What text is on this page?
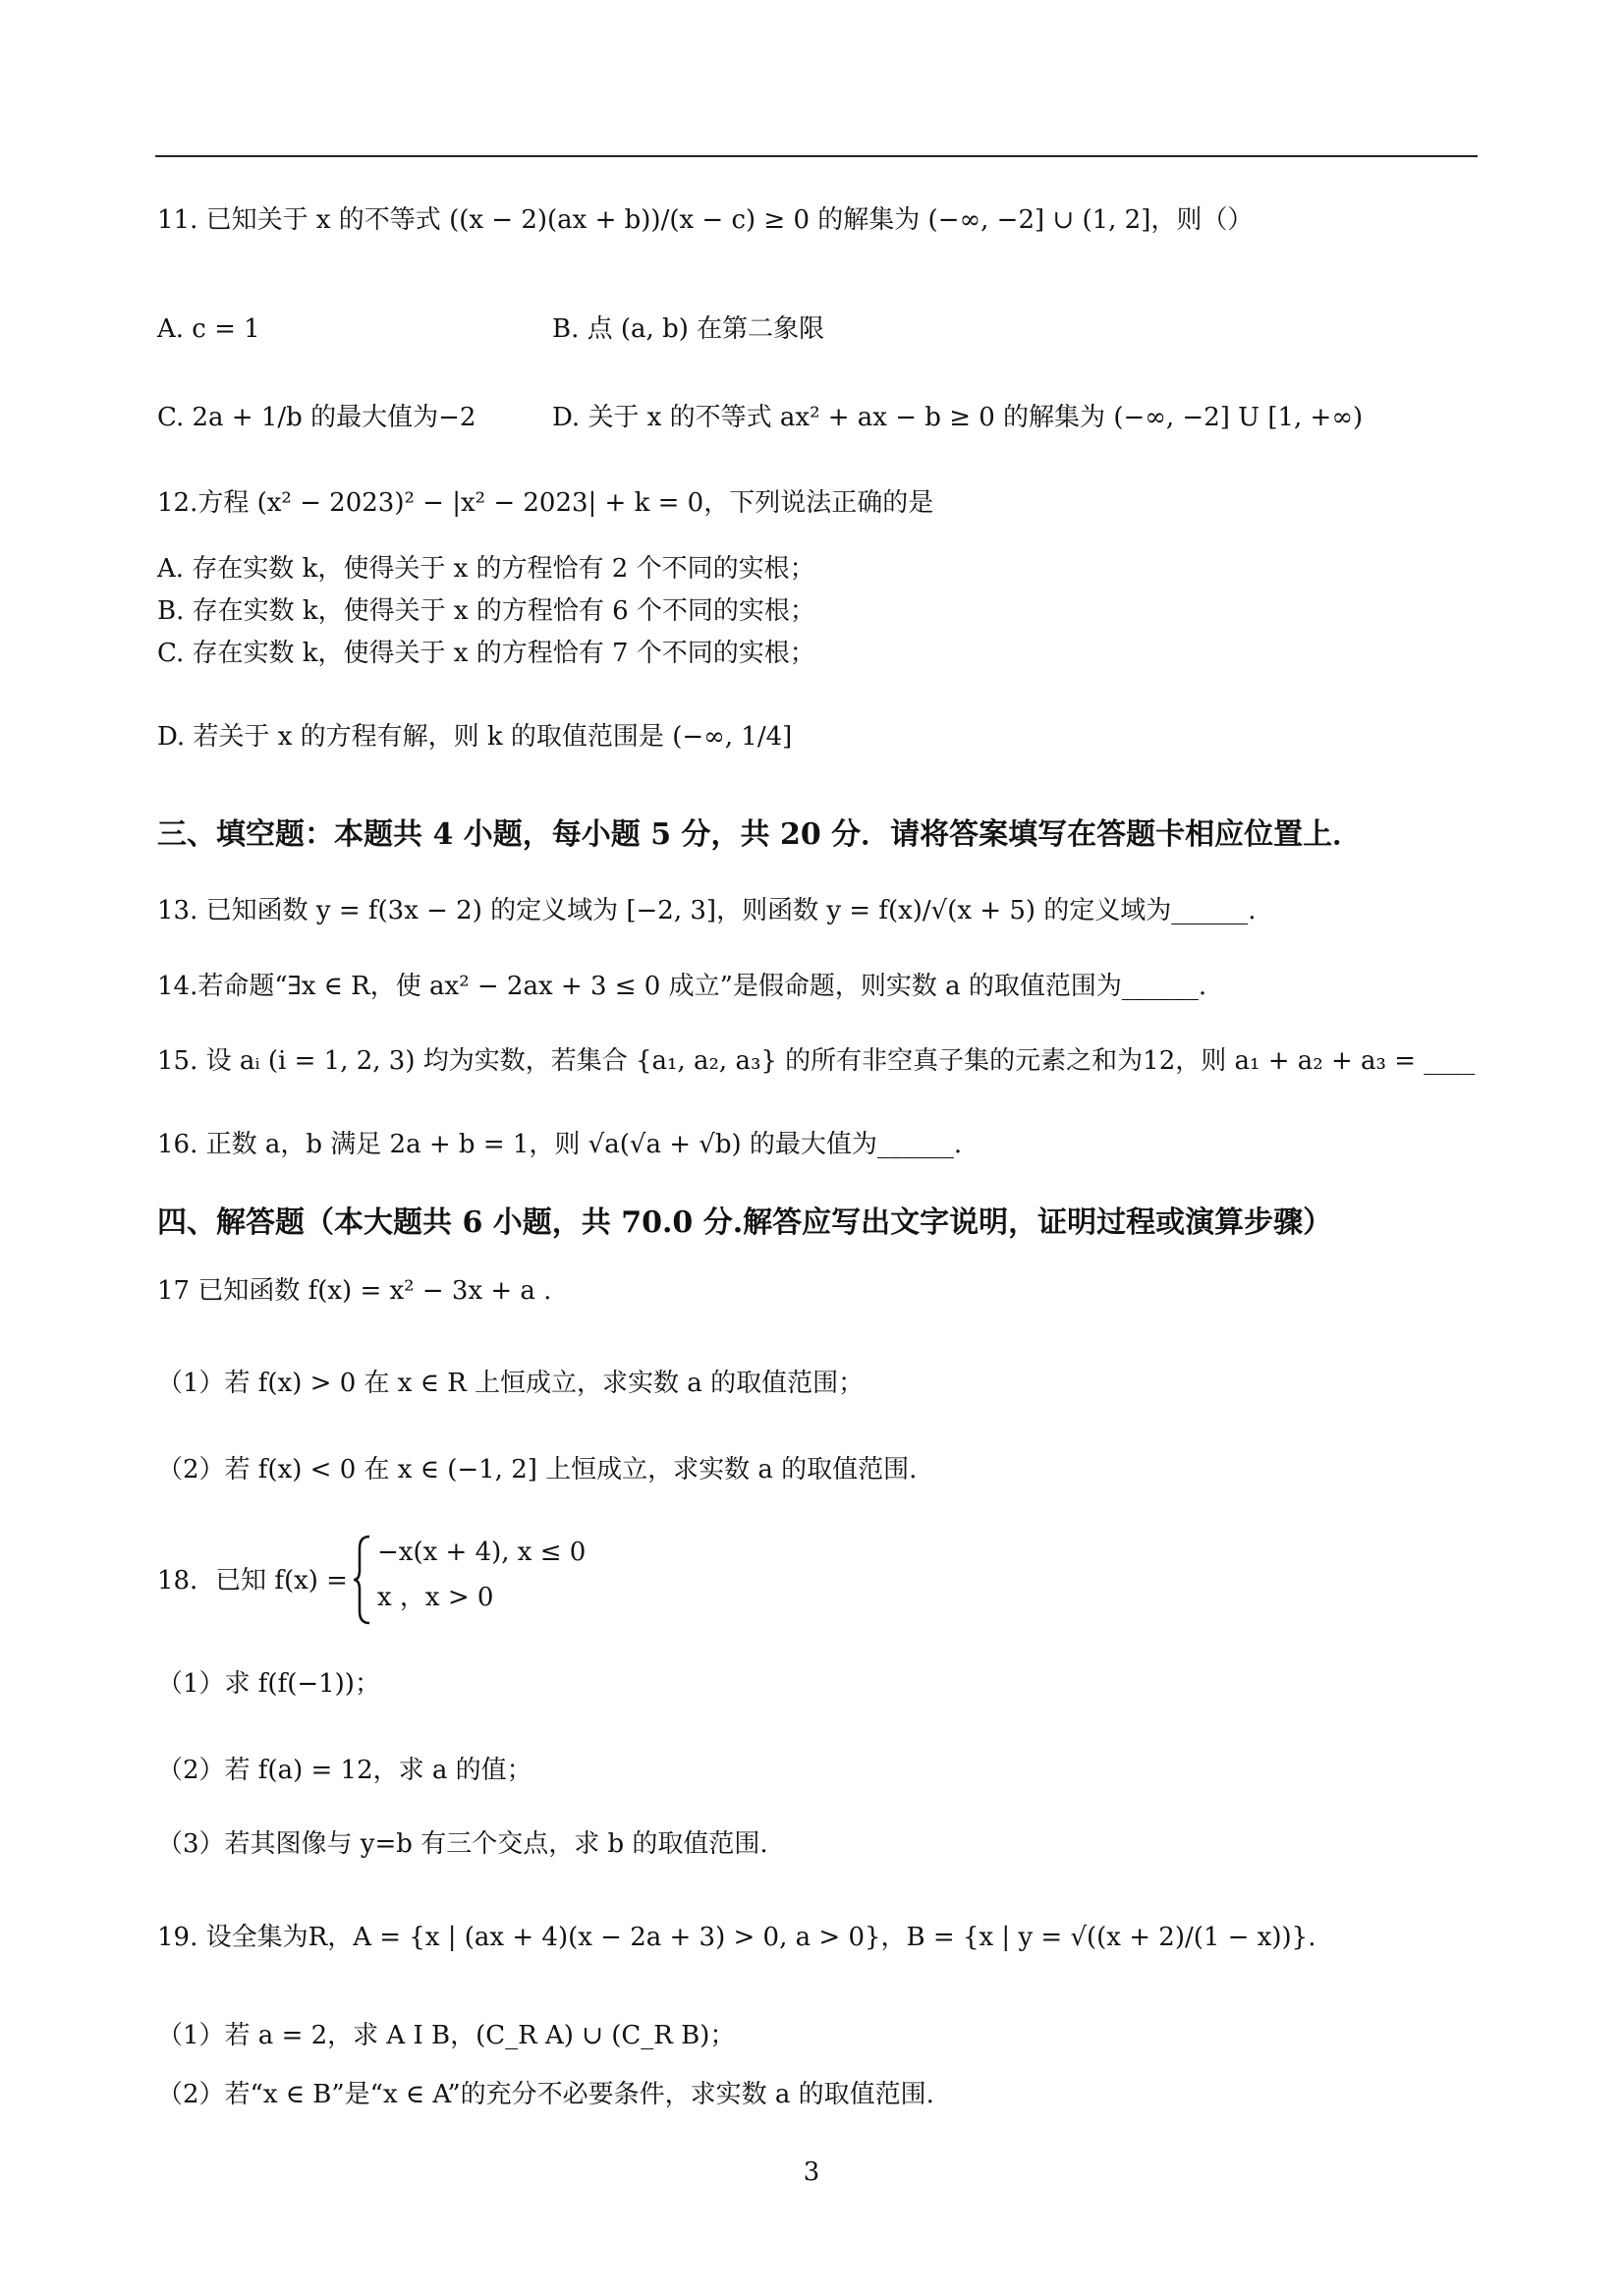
11. 已知关于 x 的不等式 ((x − 2)(ax + b))/(x − c) ≥ 0 的解集为 (−∞, −2] ∪ (1, 2]，则（）
A. c = 1	B. 点 (a, b) 在第二象限
C. 2a + 1/b 的最大值为−2	D. 关于 x 的不等式 ax² + ax − b ≥ 0 的解集为 (−∞, −2] U [1, +∞)
12.方程 (x² − 2023)² − |x² − 2023| + k = 0，下列说法正确的是
A. 存在实数 k，使得关于 x 的方程恰有 2 个不同的实根；
B. 存在实数 k，使得关于 x 的方程恰有 6 个不同的实根；
C. 存在实数 k，使得关于 x 的方程恰有 7 个不同的实根；
D. 若关于 x 的方程有解，则 k 的取值范围是 (−∞, 1/4]
三、填空题：本题共 4 小题，每小题 5 分，共 20 分．请将答案填写在答题卡相应位置上．
13. 已知函数 y = f(3x − 2) 的定义域为 [−2, 3]，则函数 y = f(x)/√(x + 5) 的定义域为______.
14.若命题“∃x ∈ R，使 ax² − 2ax + 3 ≤ 0 成立”是假命题，则实数 a 的取值范围为______.
15. 设 aᵢ (i = 1, 2, 3) 均为实数，若集合 {a₁, a₂, a₃} 的所有非空真子集的元素之和为12，则 a₁ + a₂ + a₃ = ____
16. 正数 a，b 满足 2a + b = 1，则 √a(√a + √b) 的最大值为______.
四、解答题（本大题共 6 小题，共 70.0 分.解答应写出文字说明，证明过程或演算步骤）
17 已知函数 f(x) = x² − 3x + a .
（1）若 f(x) > 0 在 x ∈ R 上恒成立，求实数 a 的取值范围；
（2）若 f(x) < 0 在 x ∈ (−1, 2] 上恒成立，求实数 a 的取值范围.
18．已知 f(x) =
−x(x + 4), x ≤ 0
x ，x > 0
（1）求 f(f(−1))；
（2）若 f(a) = 12，求 a 的值；
（3）若其图像与 y=b 有三个交点，求 b 的取值范围.
19. 设全集为R，A = {x | (ax + 4)(x − 2a + 3) > 0, a > 0}，B = {x | y = √((x + 2)/(1 − x))}.
（1）若 a = 2，求 A I B，(C_R A) ∪ (C_R B)；
（2）若“x ∈ B”是“x ∈ A”的充分不必要条件，求实数 a 的取值范围.
3
